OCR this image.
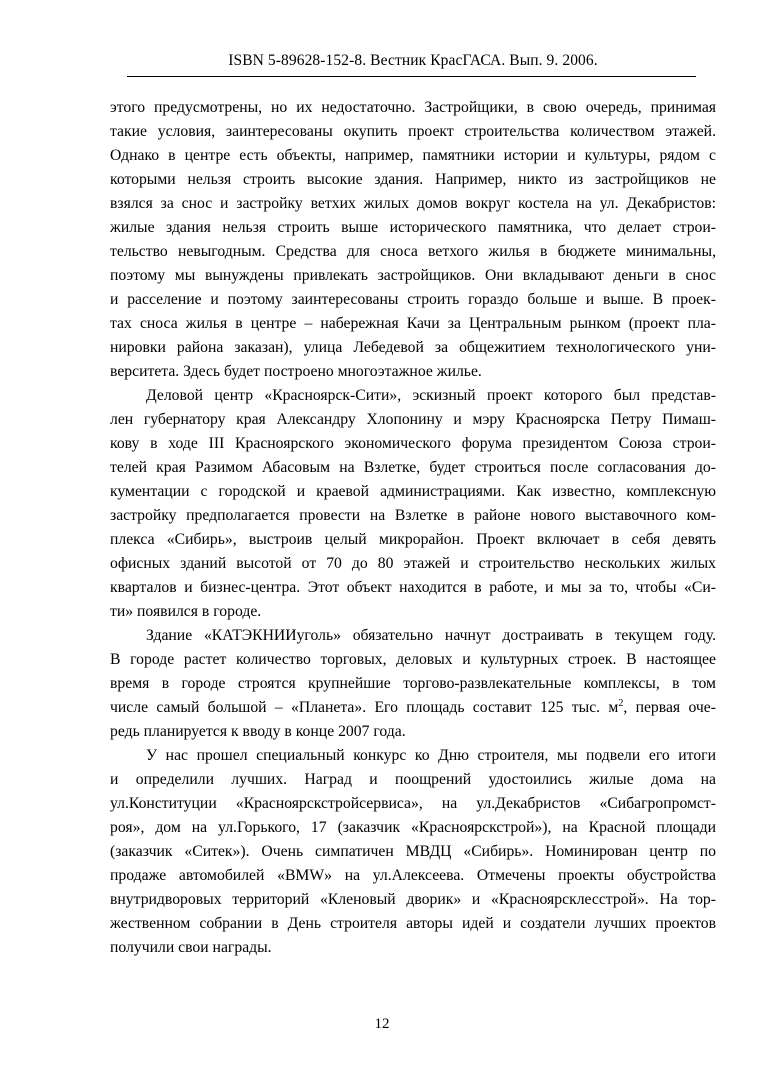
ISBN 5-89628-152-8. Вестник КрасГАСА. Вып. 9. 2006.
этого предусмотрены, но их недостаточно. Застройщики, в свою очередь, принимая
такие условия, заинтересованы окупить проект строительства количеством этажей.
Однако в центре есть объекты, например, памятники истории и культуры, рядом с
которыми нельзя строить высокие здания. Например, никто из застройщиков не
взялся за снос и застройку ветхих жилых домов вокруг костела на ул. Декабристов:
жилые здания нельзя строить выше исторического памятника, что делает строи-
тельство невыгодным. Средства для сноса ветхого жилья в бюджете минимальны,
поэтому мы вынуждены привлекать застройщиков. Они вкладывают деньги в снос
и расселение и поэтому заинтересованы строить гораздо больше и выше. В проек-
тах сноса жилья в центре – набережная Качи за Центральным рынком (проект пла-
нировки района заказан), улица Лебедевой за общежитием технологического уни-
верситета. Здесь будет построено многоэтажное жилье.
Деловой центр «Красноярск-Сити», эскизный проект которого был представ-
лен губернатору края Александру Хлопонину и мэру Красноярска Петру Пимаш-
кову в ходе III Красноярского экономического форума президентом Союза строи-
телей края Разимом Абасовым на Взлетке, будет строиться после согласования до-
кументации с городской и краевой администрациями. Как известно, комплексную
застройку предполагается провести на Взлетке в районе нового выставочного ком-
плекса «Сибирь», выстроив целый микрорайон. Проект включает в себя девять
офисных зданий высотой от 70 до 80 этажей и строительство нескольких жилых
кварталов и бизнес-центра. Этот объект находится в работе, и мы за то, чтобы «Си-
ти» появился в городе.
Здание «КАТЭКНИИуголь» обязательно начнут достраивать в текущем году.
В городе растет количество торговых, деловых и культурных строек. В настоящее
время в городе строятся крупнейшие торгово-развлекательные комплексы, в том
числе самый большой – «Планета». Его площадь составит 125 тыс. $м^2$, первая оче-
редь планируется к вводу в конце 2007 года.
У нас прошел специальный конкурс ко Дню строителя, мы подвели его итоги
и определили лучших. Наград и поощрений удостоились жилые дома на
ул.Конституции «Красноярскстройсервиса», на ул.Декабристов «Сибагропромст-
роя», дом на ул.Горького, 17 (заказчик «Красноярскстрой»), на Красной площади
(заказчик «Ситек»). Очень симпатичен МВДЦ «Сибирь». Номинирован центр по
продаже автомобилей «BMW» на ул.Алексеева. Отмечены проекты обустройства
внутридворовых территорий «Кленовый дворик» и «Красноярсклесстрой». На тор-
жественном собрании в День строителя авторы идей и создатели лучших проектов
получили свои награды.
12
